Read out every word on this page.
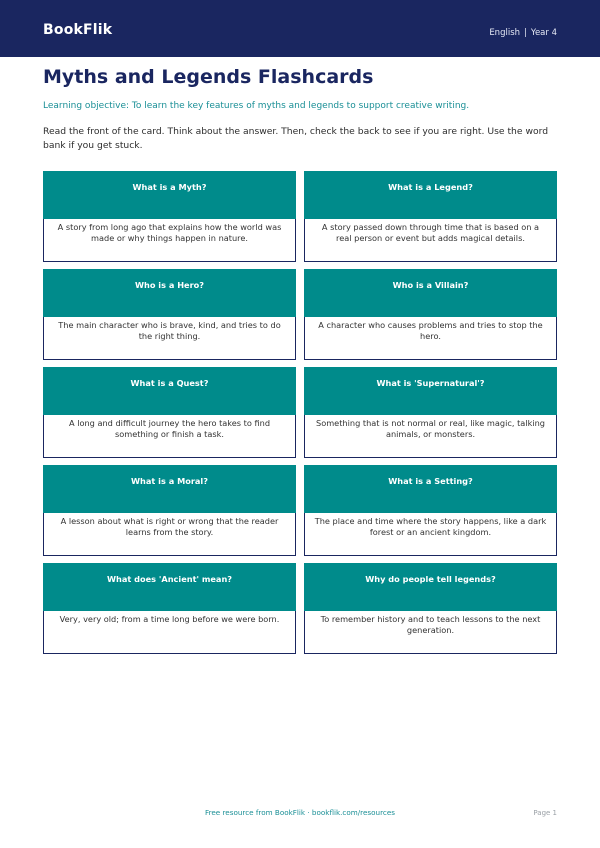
BookFlik	English | Year 4
Myths and Legends Flashcards
Learning objective: To learn the key features of myths and legends to support creative writing.
Read the front of the card. Think about the answer. Then, check the back to see if you are right. Use the word bank if you get stuck.
What is a Myth?
A story from long ago that explains how the world was made or why things happen in nature.
What is a Legend?
A story passed down through time that is based on a real person or event but adds magical details.
Who is a Hero?
The main character who is brave, kind, and tries to do the right thing.
Who is a Villain?
A character who causes problems and tries to stop the hero.
What is a Quest?
A long and difficult journey the hero takes to find something or finish a task.
What is 'Supernatural'?
Something that is not normal or real, like magic, talking animals, or monsters.
What is a Moral?
A lesson about what is right or wrong that the reader learns from the story.
What is a Setting?
The place and time where the story happens, like a dark forest or an ancient kingdom.
What does 'Ancient' mean?
Very, very old; from a time long before we were born.
Why do people tell legends?
To remember history and to teach lessons to the next generation.
Free resource from BookFlik · bookflik.com/resources	Page 1
